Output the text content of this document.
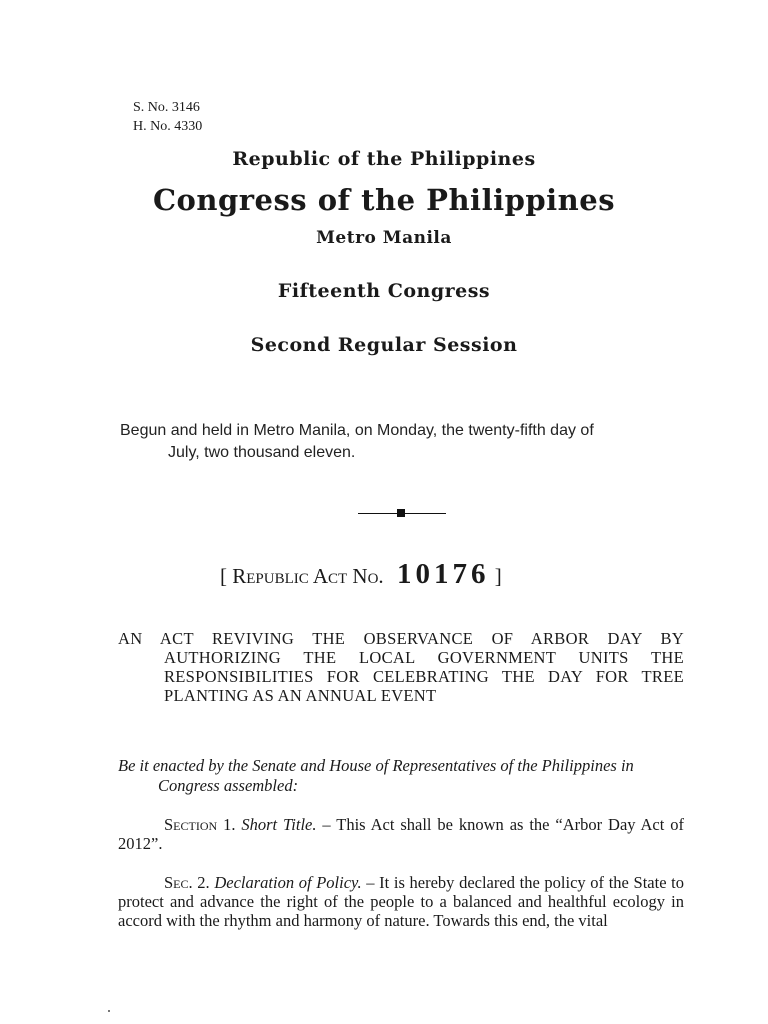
S. No. 3146
H. No. 4330
Republic of the Philippines
Congress of the Philippines
Metro Manila
Fifteenth Congress
Second Regular Session
Begun and held in Metro Manila, on Monday, the twenty-fifth day of
July, two thousand eleven.
[ Republic Act No. 10176 ]
AN ACT REVIVING THE OBSERVANCE OF ARBOR DAY BY AUTHORIZING THE LOCAL GOVERNMENT UNITS THE RESPONSIBILITIES FOR CELEBRATING THE DAY FOR TREE PLANTING AS AN ANNUAL EVENT
Be it enacted by the Senate and House of Representatives of the Philippines in Congress assembled:
Section 1. Short Title. – This Act shall be known as the “Arbor Day Act of 2012”.
Sec. 2. Declaration of Policy. – It is hereby declared the policy of the State to protect and advance the right of the people to a balanced and healthful ecology in accord with the rhythm and harmony of nature. Towards this end, the vital
